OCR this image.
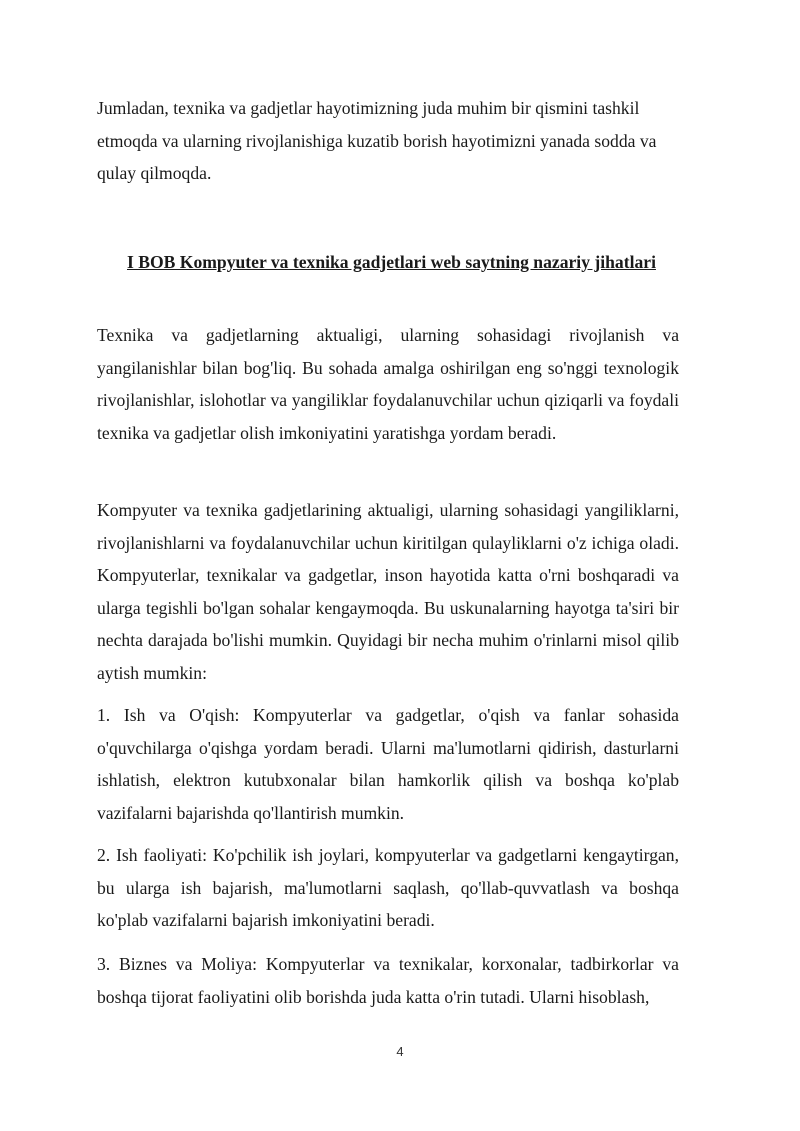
Jumladan, texnika va gadjetlar hayotimizning juda muhim bir qismini tashkil etmoqda va ularning rivojlanishiga kuzatib borish hayotimizni yanada sodda va qulay qilmoqda.

I BOB Kompyuter va texnika gadjetlari web saytning nazariy jihatlari

Texnika va gadjetlarning aktualigi, ularning sohasidagi rivojlanish va yangilanishlar bilan bog'liq. Bu sohada amalga oshirilgan eng so'nggi texnologik rivojlanishlar, islohotlar va yangiliklar foydalanuvchilar uchun qiziqarli va foydali texnika va gadjetlar olish imkoniyatini yaratishga yordam beradi.

Kompyuter va texnika gadjetlarining aktualigi, ularning sohasidagi yangiliklarni, rivojlanishlarni va foydalanuvchilar uchun kiritilgan qulayliklarni o'z ichiga oladi. Kompyuterlar, texnikalar va gadgetlar, inson hayotida katta o'rni boshqaradi va ularga tegishli bo'lgan sohalar kengaymoqda. Bu uskunalarning hayotga ta'siri bir nechta darajada bo'lishi mumkin. Quyidagi bir necha muhim o'rinlarni misol qilib aytish mumkin:

1. Ish va O'qish: Kompyuterlar va gadgetlar, o'qish va fanlar sohasida o'quvchilarga o'qishga yordam beradi. Ularni ma'lumotlarni qidirish, dasturlarni ishlatish, elektron kutubxonalar bilan hamkorlik qilish va boshqa ko'plab vazifalarni bajarishda qo'llantirish mumkin.

2. Ish faoliyati: Ko'pchilik ish joylari, kompyuterlar va gadgetlarni kengaytirgan, bu ularga ish bajarish, ma'lumotlarni saqlash, qo'llab-quvvatlash va boshqa ko'plab vazifalarni bajarish imkoniyatini beradi.

3. Biznes va Moliya: Kompyuterlar va texnikalar, korxonalar, tadbirkorlar va boshqa tijorat faoliyatini olib borishda juda katta o'rin tutadi. Ularni hisoblash,

4
